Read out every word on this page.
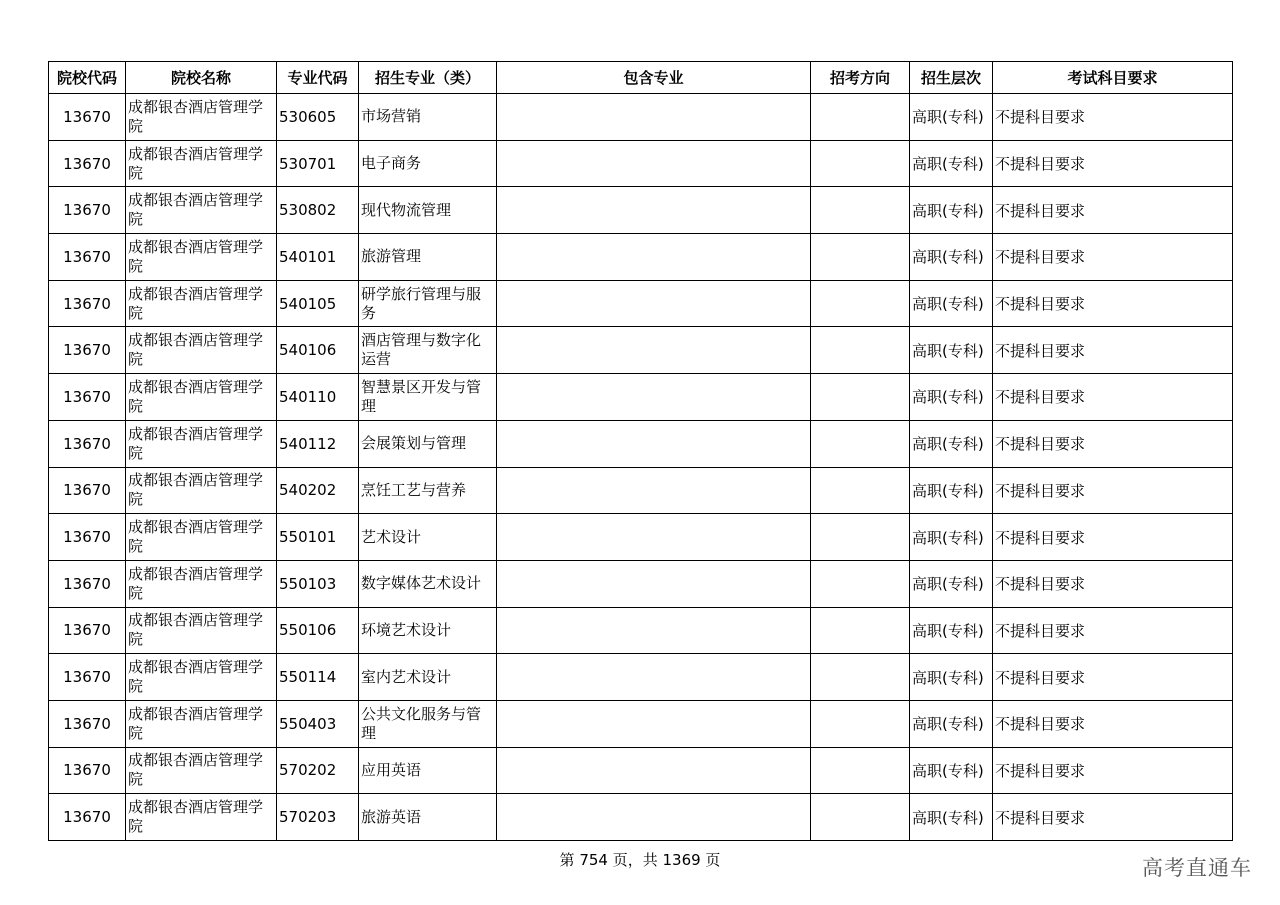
院校代码	院校名称	专业代码	招生专业（类）	包含专业	招考方向	招生层次	考试科目要求
13670	成都银杏酒店管理学院	530605	市场营销			高职(专科)	不提科目要求
13670	成都银杏酒店管理学院	530701	电子商务			高职(专科)	不提科目要求
13670	成都银杏酒店管理学院	530802	现代物流管理			高职(专科)	不提科目要求
13670	成都银杏酒店管理学院	540101	旅游管理			高职(专科)	不提科目要求
13670	成都银杏酒店管理学院	540105	研学旅行管理与服务			高职(专科)	不提科目要求
13670	成都银杏酒店管理学院	540106	酒店管理与数字化运营			高职(专科)	不提科目要求
13670	成都银杏酒店管理学院	540110	智慧景区开发与管理			高职(专科)	不提科目要求
13670	成都银杏酒店管理学院	540112	会展策划与管理			高职(专科)	不提科目要求
13670	成都银杏酒店管理学院	540202	烹饪工艺与营养			高职(专科)	不提科目要求
13670	成都银杏酒店管理学院	550101	艺术设计			高职(专科)	不提科目要求
13670	成都银杏酒店管理学院	550103	数字媒体艺术设计			高职(专科)	不提科目要求
13670	成都银杏酒店管理学院	550106	环境艺术设计			高职(专科)	不提科目要求
13670	成都银杏酒店管理学院	550114	室内艺术设计			高职(专科)	不提科目要求
13670	成都银杏酒店管理学院	550403	公共文化服务与管理			高职(专科)	不提科目要求
13670	成都银杏酒店管理学院	570202	应用英语			高职(专科)	不提科目要求
13670	成都银杏酒店管理学院	570203	旅游英语			高职(专科)	不提科目要求
第 754 页，共 1369 页	高考直通车
